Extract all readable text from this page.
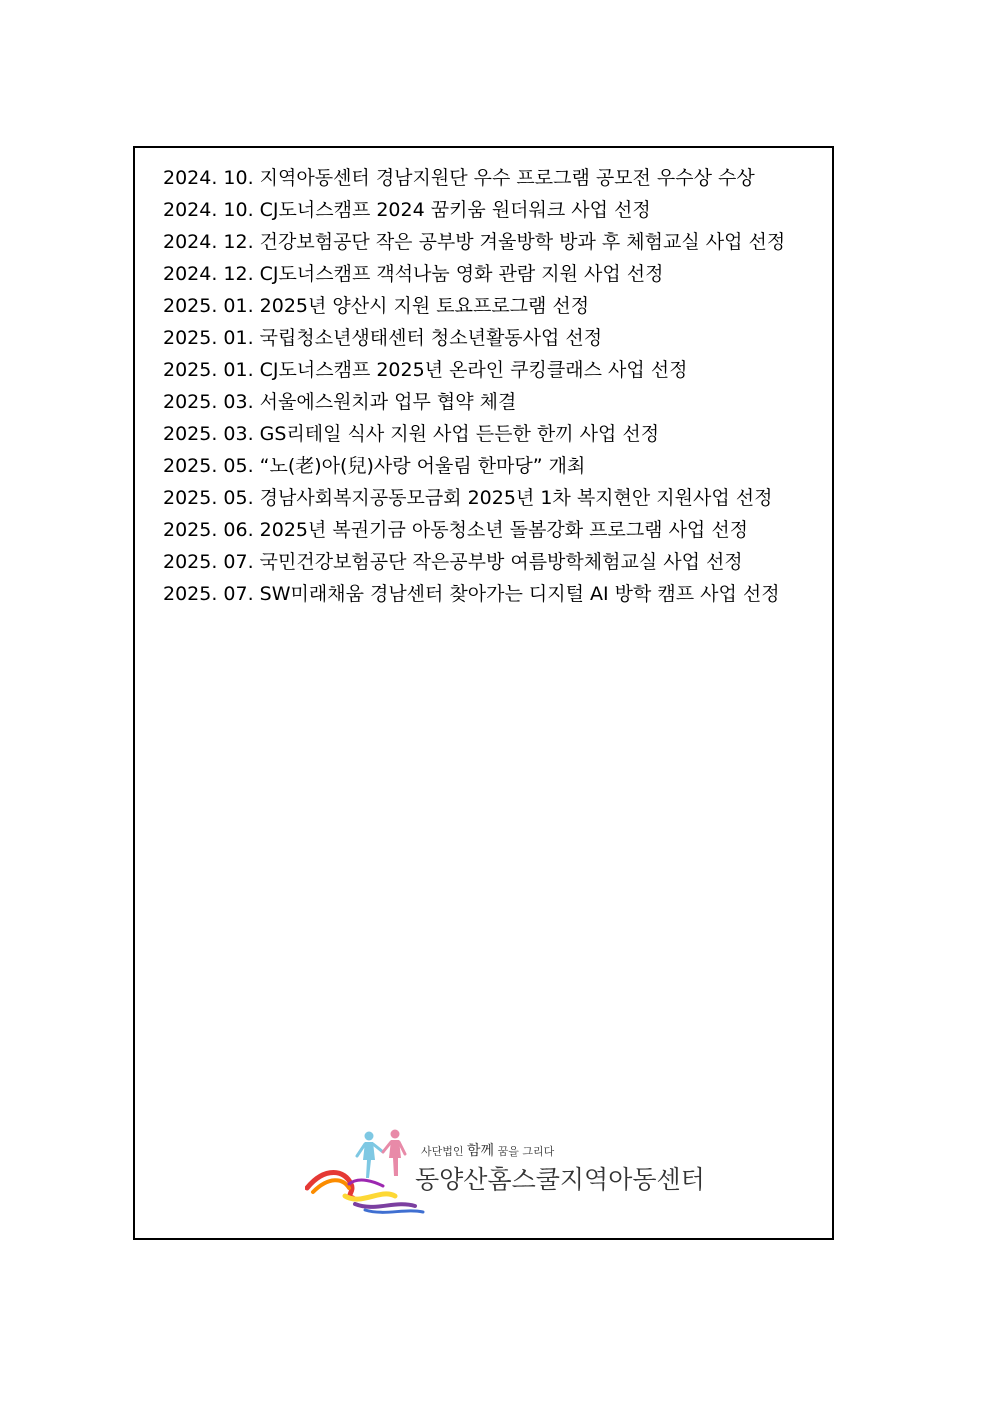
2024. 10. 지역아동센터 경남지원단 우수 프로그램 공모전 우수상 수상
2024. 10. CJ도너스캠프 2024 꿈키움 원더워크 사업 선정
2024. 12. 건강보험공단 작은 공부방 겨울방학 방과 후 체험교실 사업 선정
2024. 12. CJ도너스캠프 객석나눔 영화 관람 지원 사업 선정
2025. 01. 2025년 양산시 지원 토요프로그램 선정
2025. 01. 국립청소년생태센터 청소년활동사업 선정
2025. 01. CJ도너스캠프 2025년 온라인 쿠킹클래스 사업 선정
2025. 03. 서울에스원치과 업무 협약 체결
2025. 03. GS리테일 식사 지원 사업 든든한 한끼 사업 선정
2025. 05. “노(老)아(兒)사랑 어울림 한마당” 개최
2025. 05. 경남사회복지공동모금회 2025년 1차 복지현안 지원사업 선정
2025. 06. 2025년 복권기금 아동청소년 돌봄강화 프로그램 사업 선정
2025. 07. 국민건강보험공단 작은공부방 여름방학체험교실 사업 선정
2025. 07. SW미래채움 경남센터 찾아가는 디지털 AI 방학 캠프 사업 선정
사단법인 함께 꿈을 그리다
동양산홈스쿨지역아동센터
